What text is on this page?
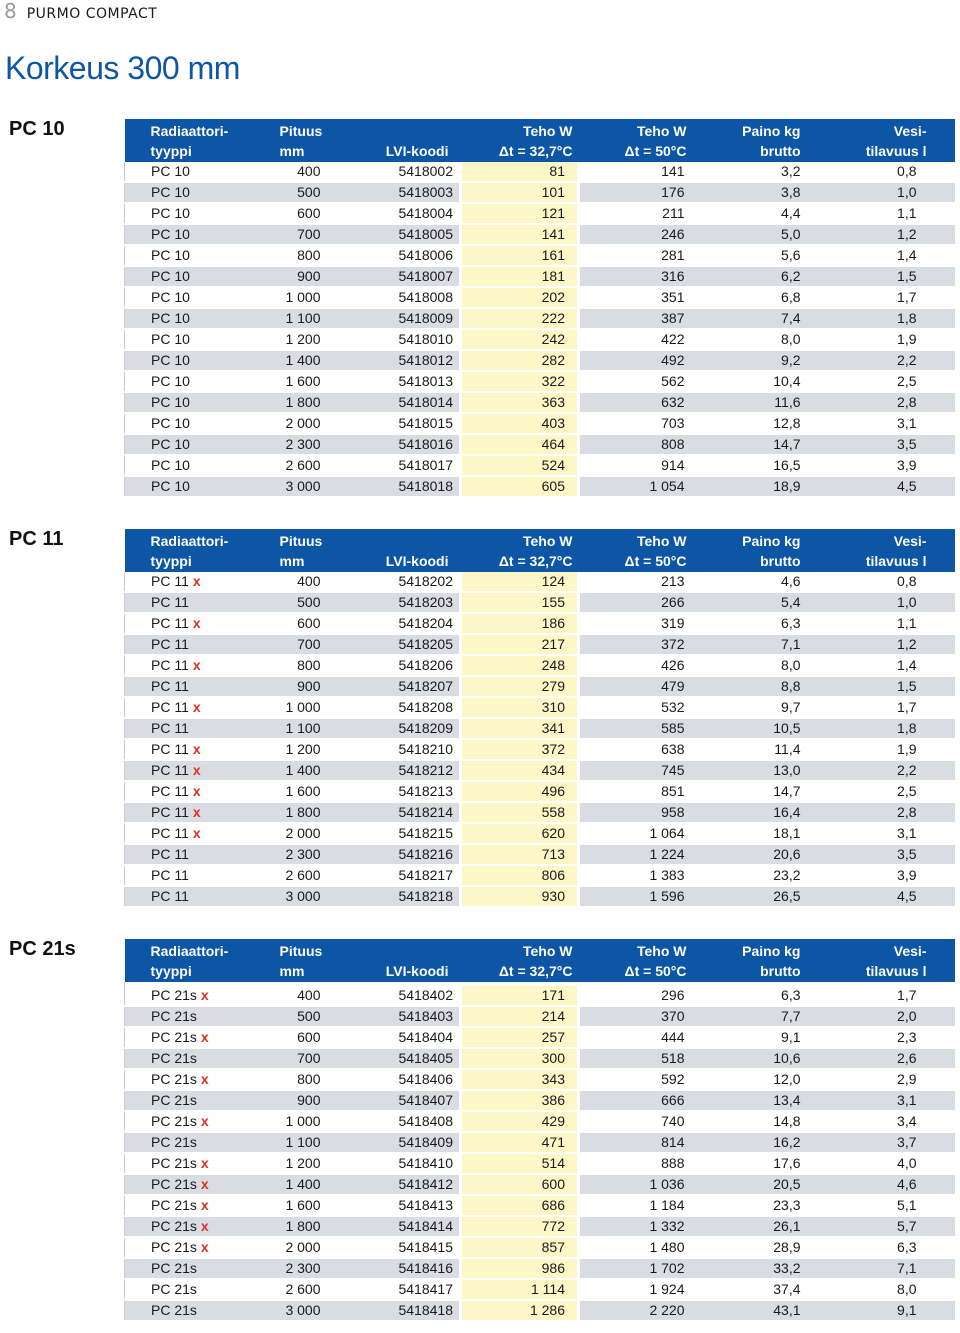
8 PURMO COMPACT
Korkeus 300 mm
PC 10	Radiaattori-	Pituus		Teho W	Teho W	Paino kg	Vesi-
tyyppi	mm	LVI-koodi	Δt = 32,7°C	Δt = 50°C	brutto	tilavuus l
PC 10	400	5418002	81	141	3,2	0,8
PC 10	500	5418003	101	176	3,8	1,0
PC 10	600	5418004	121	211	4,4	1,1
PC 10	700	5418005	141	246	5,0	1,2
PC 10	800	5418006	161	281	5,6	1,4
PC 10	900	5418007	181	316	6,2	1,5
PC 10	1 000	5418008	202	351	6,8	1,7
PC 10	1 100	5418009	222	387	7,4	1,8
PC 10	1 200	5418010	242	422	8,0	1,9
PC 10	1 400	5418012	282	492	9,2	2,2
PC 10	1 600	5418013	322	562	10,4	2,5
PC 10	1 800	5418014	363	632	11,6	2,8
PC 10	2 000	5418015	403	703	12,8	3,1
PC 10	2 300	5418016	464	808	14,7	3,5
PC 10	2 600	5418017	524	914	16,5	3,9
PC 10	3 000	5418018	605	1 054	18,9	4,5
PC 11	Radiaattori-	Pituus		Teho W	Teho W	Paino kg	Vesi-
tyyppi	mm	LVI-koodi	Δt = 32,7°C	Δt = 50°C	brutto	tilavuus l
PC 11 x	400	5418202	124	213	4,6	0,8
PC 11	500	5418203	155	266	5,4	1,0
PC 11 x	600	5418204	186	319	6,3	1,1
PC 11	700	5418205	217	372	7,1	1,2
PC 11 x	800	5418206	248	426	8,0	1,4
PC 11	900	5418207	279	479	8,8	1,5
PC 11 x	1 000	5418208	310	532	9,7	1,7
PC 11	1 100	5418209	341	585	10,5	1,8
PC 11 x	1 200	5418210	372	638	11,4	1,9
PC 11 x	1 400	5418212	434	745	13,0	2,2
PC 11 x	1 600	5418213	496	851	14,7	2,5
PC 11 x	1 800	5418214	558	958	16,4	2,8
PC 11 x	2 000	5418215	620	1 064	18,1	3,1
PC 11	2 300	5418216	713	1 224	20,6	3,5
PC 11	2 600	5418217	806	1 383	23,2	3,9
PC 11	3 000	5418218	930	1 596	26,5	4,5
PC 21s	Radiaattori-	Pituus		Teho W	Teho W	Paino kg	Vesi-
tyyppi	mm	LVI-koodi	Δt = 32,7°C	Δt = 50°C	brutto	tilavuus l

PC 21s x	400	5418402	171	296	6,3	1,7
PC 21s	500	5418403	214	370	7,7	2,0
PC 21s x	600	5418404	257	444	9,1	2,3
PC 21s	700	5418405	300	518	10,6	2,6
PC 21s x	800	5418406	343	592	12,0	2,9
PC 21s	900	5418407	386	666	13,4	3,1
PC 21s x	1 000	5418408	429	740	14,8	3,4
PC 21s	1 100	5418409	471	814	16,2	3,7
PC 21s x	1 200	5418410	514	888	17,6	4,0
PC 21s x	1 400	5418412	600	1 036	20,5	4,6
PC 21s x	1 600	5418413	686	1 184	23,3	5,1
PC 21s x	1 800	5418414	772	1 332	26,1	5,7
PC 21s x	2 000	5418415	857	1 480	28,9	6,3
PC 21s	2 300	5418416	986	1 702	33,2	7,1
PC 21s	2 600	5418417	1 114	1 924	37,4	8,0
PC 21s	3 000	5418418	1 286	2 220	43,1	9,1
